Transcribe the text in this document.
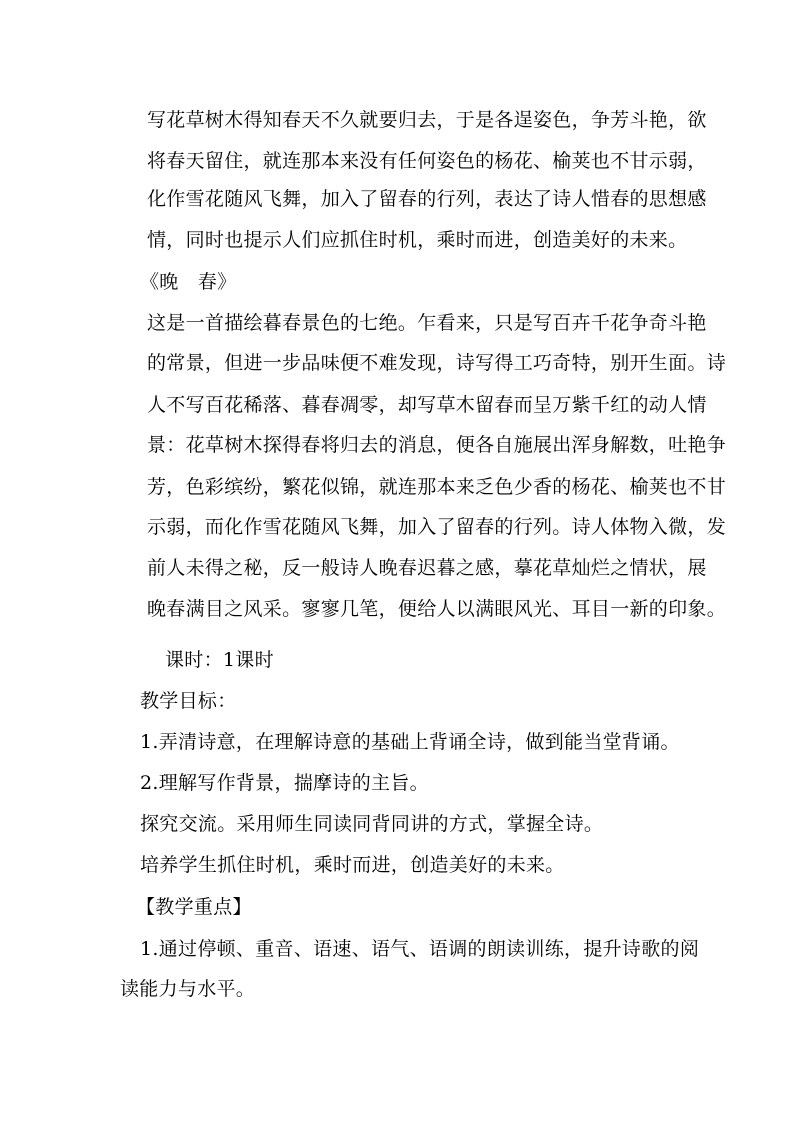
写花草树木得知春天不久就要归去，于是各逞姿色，争芳斗艳，欲
将春天留住，就连那本来没有任何姿色的杨花、榆荚也不甘示弱，
化作雪花随风飞舞，加入了留春的行列，表达了诗人惜春的思想感
情，同时也提示人们应抓住时机，乘时而进，创造美好的未来。
《晚　春》
这是一首描绘暮春景色的七绝。乍看来，只是写百卉千花争奇斗艳
的常景，但进一步品味便不难发现，诗写得工巧奇特，别开生面。诗
人不写百花稀落、暮春凋零，却写草木留春而呈万紫千红的动人情
景：花草树木探得春将归去的消息，便各自施展出浑身解数，吐艳争
芳，色彩缤纷，繁花似锦，就连那本来乏色少香的杨花、榆荚也不甘
示弱，而化作雪花随风飞舞，加入了留春的行列。诗人体物入微，发
前人未得之秘，反一般诗人晚春迟暮之感，摹花草灿烂之情状，展
晚春满目之风采。寥寥几笔，便给人以满眼风光、耳目一新的印象。
课时：1课时
教学目标：
1.弄清诗意，在理解诗意的基础上背诵全诗，做到能当堂背诵。
2.理解写作背景，揣摩诗的主旨。
探究交流。采用师生同读同背同讲的方式，掌握全诗。
培养学生抓住时机，乘时而进，创造美好的未来。
【教学重点】
1.通过停顿、重音、语速、语气、语调的朗读训练，提升诗歌的阅
读能力与水平。
